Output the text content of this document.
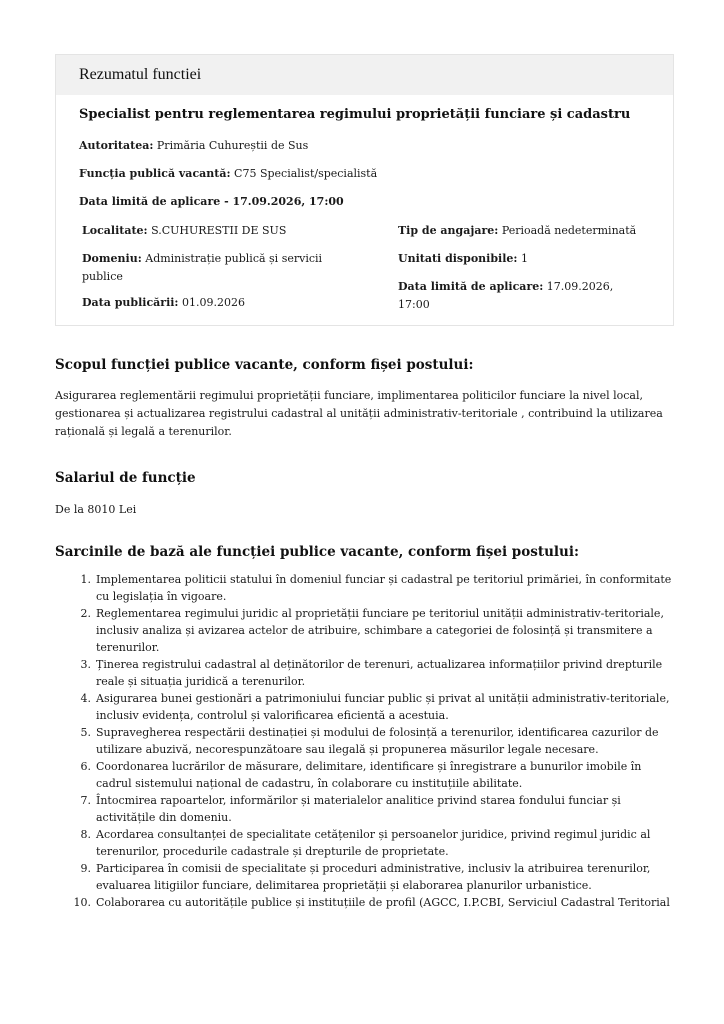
Rezumatul functiei
Specialist pentru reglementarea regimului proprietății funciare și cadastru
Autoritatea: Primăria Cuhureștii de Sus
Funcția publică vacantă: C75 Specialist/specialistă
Data limită de aplicare - 17.09.2026, 17:00
Localitate: S.CUHURESTII DE SUS
Domeniu: Administrație publică și servicii publice
Data publicării: 01.09.2026
Tip de angajare: Perioadă nedeterminată
Unitati disponibile: 1
Data limită de aplicare: 17.09.2026, 17:00
Scopul funcției publice vacante, conform fișei postului:

Asigurarea reglementării regimului proprietății funciare, implimentarea politicilor funciare la nivel local, gestionarea și actualizarea registrului cadastral al unității administrativ-teritoriale , contribuind la utilizarea rațională și legală a terenurilor.

Salariul de funcție

De la 8010 Lei

Sarcinile de bază ale funcției publice vacante, conform fișei postului:
1. Implementarea politicii statului în domeniul funciar și cadastral pe teritoriul primăriei, în conformitate cu legislația în vigoare.
2. Reglementarea regimului juridic al proprietății funciare pe teritoriul unității administrativ-teritoriale, inclusiv analiza și avizarea actelor de atribuire, schimbare a categoriei de folosință și transmitere a terenurilor.
3. Ținerea registrului cadastral al deținătorilor de terenuri, actualizarea informațiilor privind drepturile reale și situația juridică a terenurilor.
4. Asigurarea bunei gestionări a patrimoniului funciar public și privat al unității administrativ-teritoriale, inclusiv evidența, controlul și valorificarea eficientă a acestuia.
5. Supravegherea respectării destinației și modului de folosință a terenurilor, identificarea cazurilor de utilizare abuzivă, necorespunzătoare sau ilegală și propunerea măsurilor legale necesare.
6. Coordonarea lucrărilor de măsurare, delimitare, identificare și înregistrare a bunurilor imobile în cadrul sistemului național de cadastru, în colaborare cu instituțiile abilitate.
7. Întocmirea rapoartelor, informărilor și materialelor analitice privind starea fondului funciar și activitățile din domeniu.
8. Acordarea consultanței de specialitate cetățenilor și persoanelor juridice, privind regimul juridic al terenurilor, procedurile cadastrale și drepturile de proprietate.
9. Participarea în comisii de specialitate și proceduri administrative, inclusiv la atribuirea terenurilor, evaluarea litigiilor funciare, delimitarea proprietății și elaborarea planurilor urbanistice.
10. Colaborarea cu autoritățile publice și instituțiile de profil (AGCC, I.P.CBI, Serviciul Cadastral Teritorial
